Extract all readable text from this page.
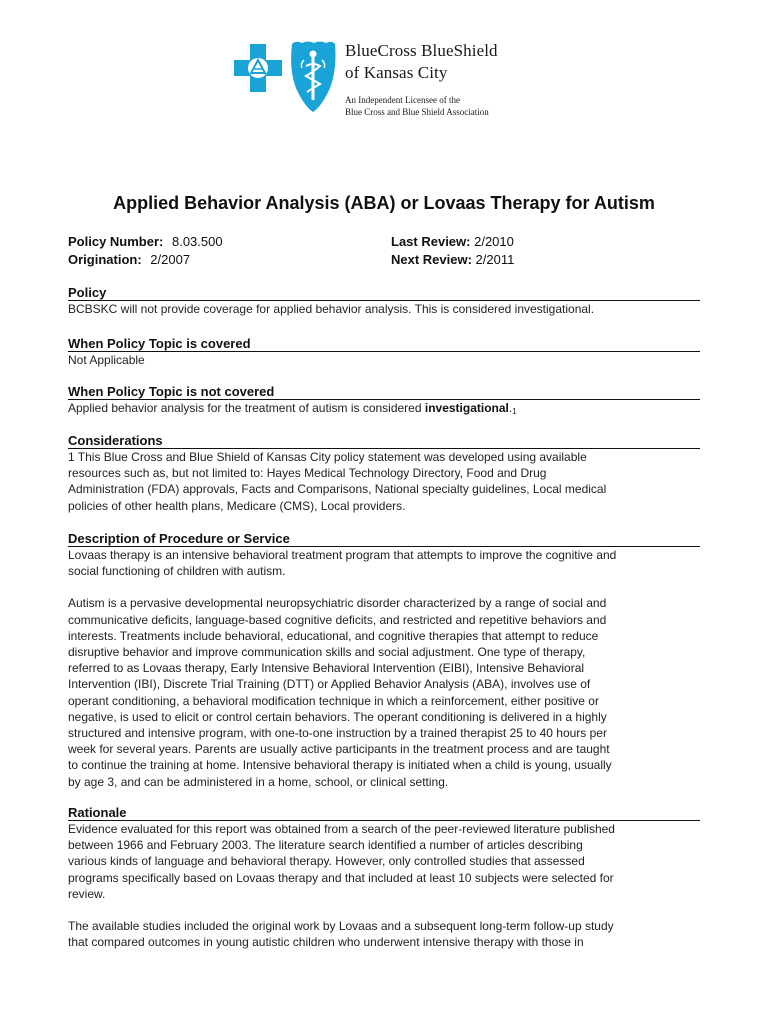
BlueCross BlueShield
of Kansas City
An Independent Licensee of the
Blue Cross and Blue Shield Association
Applied Behavior Analysis (ABA) or Lovaas Therapy for Autism
Policy Number: 8.03.500
Origination: 2/2007
Last Review: 2/2010
Next Review: 2/2011
Policy
BCBSKC will not provide coverage for applied behavior analysis. This is considered investigational.
When Policy Topic is covered
Not Applicable
When Policy Topic is not covered
Applied behavior analysis for the treatment of autism is considered $investigational._1$
Considerations

1 This Blue Cross and Blue Shield of Kansas City policy statement was developed using available

resources such as, but not limited to: Hayes Medical Technology Directory, Food and Drug

Administration (FDA) approvals, Facts and Comparisons, National specialty guidelines, Local medical

policies of other health plans, Medicare (CMS), Local providers.

Description of Procedure or Service

Lovaas therapy is an intensive behavioral treatment program that attempts to improve the cognitive and

social functioning of children with autism.

Autism is a pervasive developmental neuropsychiatric disorder characterized by a range of social and

communicative deficits, language-based cognitive deficits, and restricted and repetitive behaviors and

interests. Treatments include behavioral, educational, and cognitive therapies that attempt to reduce

disruptive behavior and improve communication skills and social adjustment. One type of therapy,

referred to as Lovaas therapy, Early Intensive Behavioral Intervention (EIBI), Intensive Behavioral

Intervention (IBI), Discrete Trial Training (DTT) or Applied Behavior Analysis (ABA), involves use of

operant conditioning, a behavioral modification technique in which a reinforcement, either positive or

negative, is used to elicit or control certain behaviors. The operant conditioning is delivered in a highly

structured and intensive program, with one-to-one instruction by a trained therapist 25 to 40 hours per

week for several years. Parents are usually active participants in the treatment process and are taught

to continue the training at home. Intensive behavioral therapy is initiated when a child is young, usually

by age 3, and can be administered in a home, school, or clinical setting.

Rationale

Evidence evaluated for this report was obtained from a search of the peer-reviewed literature published

between 1966 and February 2003. The literature search identified a number of articles describing

various kinds of language and behavioral therapy. However, only controlled studies that assessed

programs specifically based on Lovaas therapy and that included at least 10 subjects were selected for

review.

The available studies included the original work by Lovaas and a subsequent long-term follow-up study

that compared outcomes in young autistic children who underwent intensive therapy with those in
